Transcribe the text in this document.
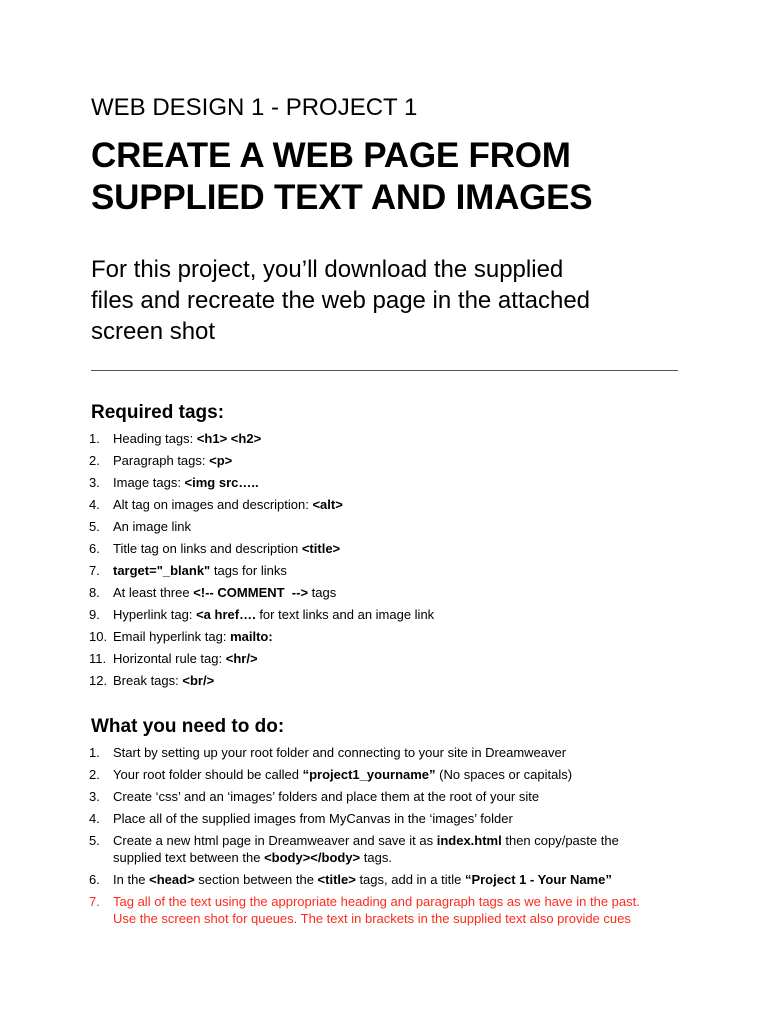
WEB DESIGN 1 - PROJECT 1
CREATE A WEB PAGE FROM
SUPPLIED TEXT AND IMAGES

For this project, you’ll download the supplied
files and recreate the web page in the attached
screen shot

Required tags:
1.	Heading tags: <h1> <h2>
2.	Paragraph tags: <p>
3.	Image tags: <img src…..
4.	Alt tag on images and description: <alt>
5.	An image link
6.	Title tag on links and description <title>
7.	target="_blank" tags for links
8.	At least three <!-- COMMENT  --> tags
9.	Hyperlink tag: <a href…. for text links and an image link
10. Email hyperlink tag: mailto:
11. Horizontal rule tag: <hr/>
12. Break tags: <br/>
What you need to do:
1.	Start by setting up your root folder and connecting to your site in Dreamweaver
2.	Your root folder should be called “project1_yourname” (No spaces or capitals)
3.	Create ‘css’ and an ‘images’ folders and place them at the root of your site
4.	Place all of the supplied images from MyCanvas in the ‘images’ folder
5.	Create a new html page in Dreamweaver and save it as index.html then copy/paste the
supplied text between the <body></body> tags.
6.	In the <head> section between the <title> tags, add in a title “Project 1 - Your Name”
7.	Tag all of the text using the appropriate heading and paragraph tags as we have in the past.
Use the screen shot for queues. The text in brackets in the supplied text also provide cues
